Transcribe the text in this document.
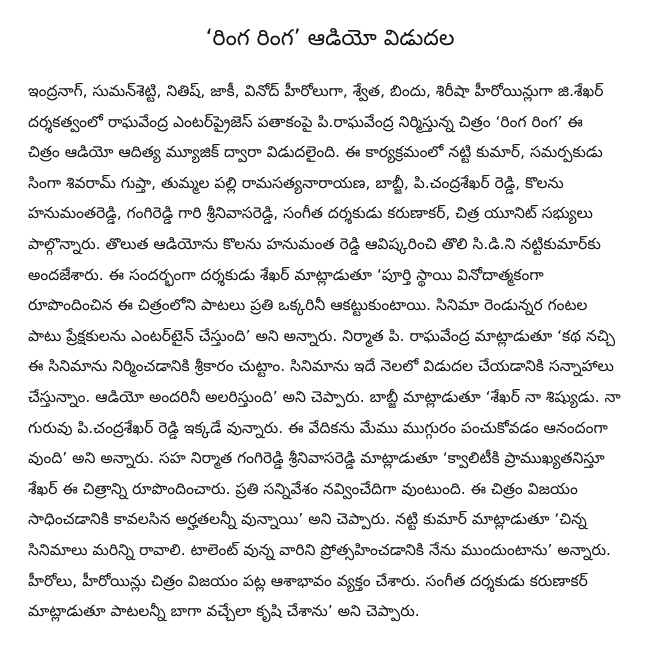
‘రింగ రింగ’ ఆడియో విడుదల
ఇంద్రనాగ్, సుమన్‌శెట్టి, నితిష్, జాకీ, వినోద్ హీరోలుగా, శ్వేత, బిందు, శిరీషా హీరోయిన్లుగా జి.శేఖర్
దర్శకత్వంలో రాఘవేంద్ర ఎంటర్‌ప్రైజెస్ పతాకంపై పి.రాఘవేంద్ర నిర్మిస్తున్న చిత్రం ‘రింగ రింగ’ ఈ
చిత్రం ఆడియో ఆదిత్య మ్యూజిక్ ద్వారా విడుదలైంది. ఈ కార్యక్రమంలో నట్టి కుమార్, సమర్పకుడు
సింగా శివరామ్ గుప్తా, తుమ్మల పల్లి రామసత్యనారాయణ, బాబ్జీ, పి.చంద్రశేఖర్ రెడ్డి, కొలను
హనుమంతరెడ్డి, గంగిరెడ్డి గారి శ్రీనివాసరెడ్డి, సంగీత దర్శకుడు కరుణాకర్, చిత్ర యూనిట్ సభ్యులు
పాల్గొన్నారు. తొలుత ఆడియోను కొలను హనుమంత రెడ్డి ఆవిష్కరించి తొలి సి.డి.ని నట్టికుమార్‌కు
అందజేశారు. ఈ సందర్భంగా దర్శకుడు శేఖర్ మాట్లాడుతూ ‘పూర్తి స్థాయి వినోదాత్మకంగా
రూపొందించిన ఈ చిత్రంలోని పాటలు ప్రతి ఒక్కరినీ ఆకట్టుకుంటాయి. సినిమా రెండున్నర గంటల
పాటు ప్రేక్షకులను ఎంటర్‌టైన్ చేస్తుంది’ అని అన్నారు. నిర్మాత పి. రాఘవేంద్ర మాట్లాడుతూ ‘కథ నచ్చి
ఈ సినిమాను నిర్మించడానికి శ్రీకారం చుట్టాం. సినిమాను ఇదే నెలలో విడుదల చేయడానికి సన్నాహాలు
చేస్తున్నాం. ఆడియో అందరినీ అలరిస్తుంది’ అని చెప్పారు. బాబ్జీ మాట్లాడుతూ ‘శేఖర్ నా శిష్యుడు. నా
గురువు పి.చంద్రశేఖర్ రెడ్డి ఇక్కడే వున్నారు. ఈ వేదికను మేము ముగ్గురం పంచుకోవడం ఆనందంగా
వుంది’ అని అన్నారు. సహ నిర్మాత గంగిరెడ్డి శ్రీనివాసరెడ్డి మాట్లాడుతూ ‘క్వాలిటీకి ప్రాముఖ్యతనిస్తూ
శేఖర్ ఈ చిత్రాన్ని రూపొందించారు. ప్రతి సన్నివేశం నవ్వించేదిగా వుంటుంది. ఈ చిత్రం విజయం
సాధించడానికి కావలసిన అర్హతలన్నీ వున్నాయి’ అని చెప్పారు. నట్టి కుమార్ మాట్లాడుతూ ‘చిన్న
సినిమాలు మరిన్ని రావాలి. టాలెంట్ వున్న వారిని ప్రోత్సహించడానికి నేను ముందుంటాను’ అన్నారు.
హీరోలు, హీరోయిన్లు చిత్రం విజయం పట్ల ఆశాభావం వ్యక్తం చేశారు. సంగీత దర్శకుడు కరుణాకర్
మాట్లాడుతూ పాటలన్నీ బాగా వచ్చేలా కృషి చేశాను’ అని చెప్పారు.
